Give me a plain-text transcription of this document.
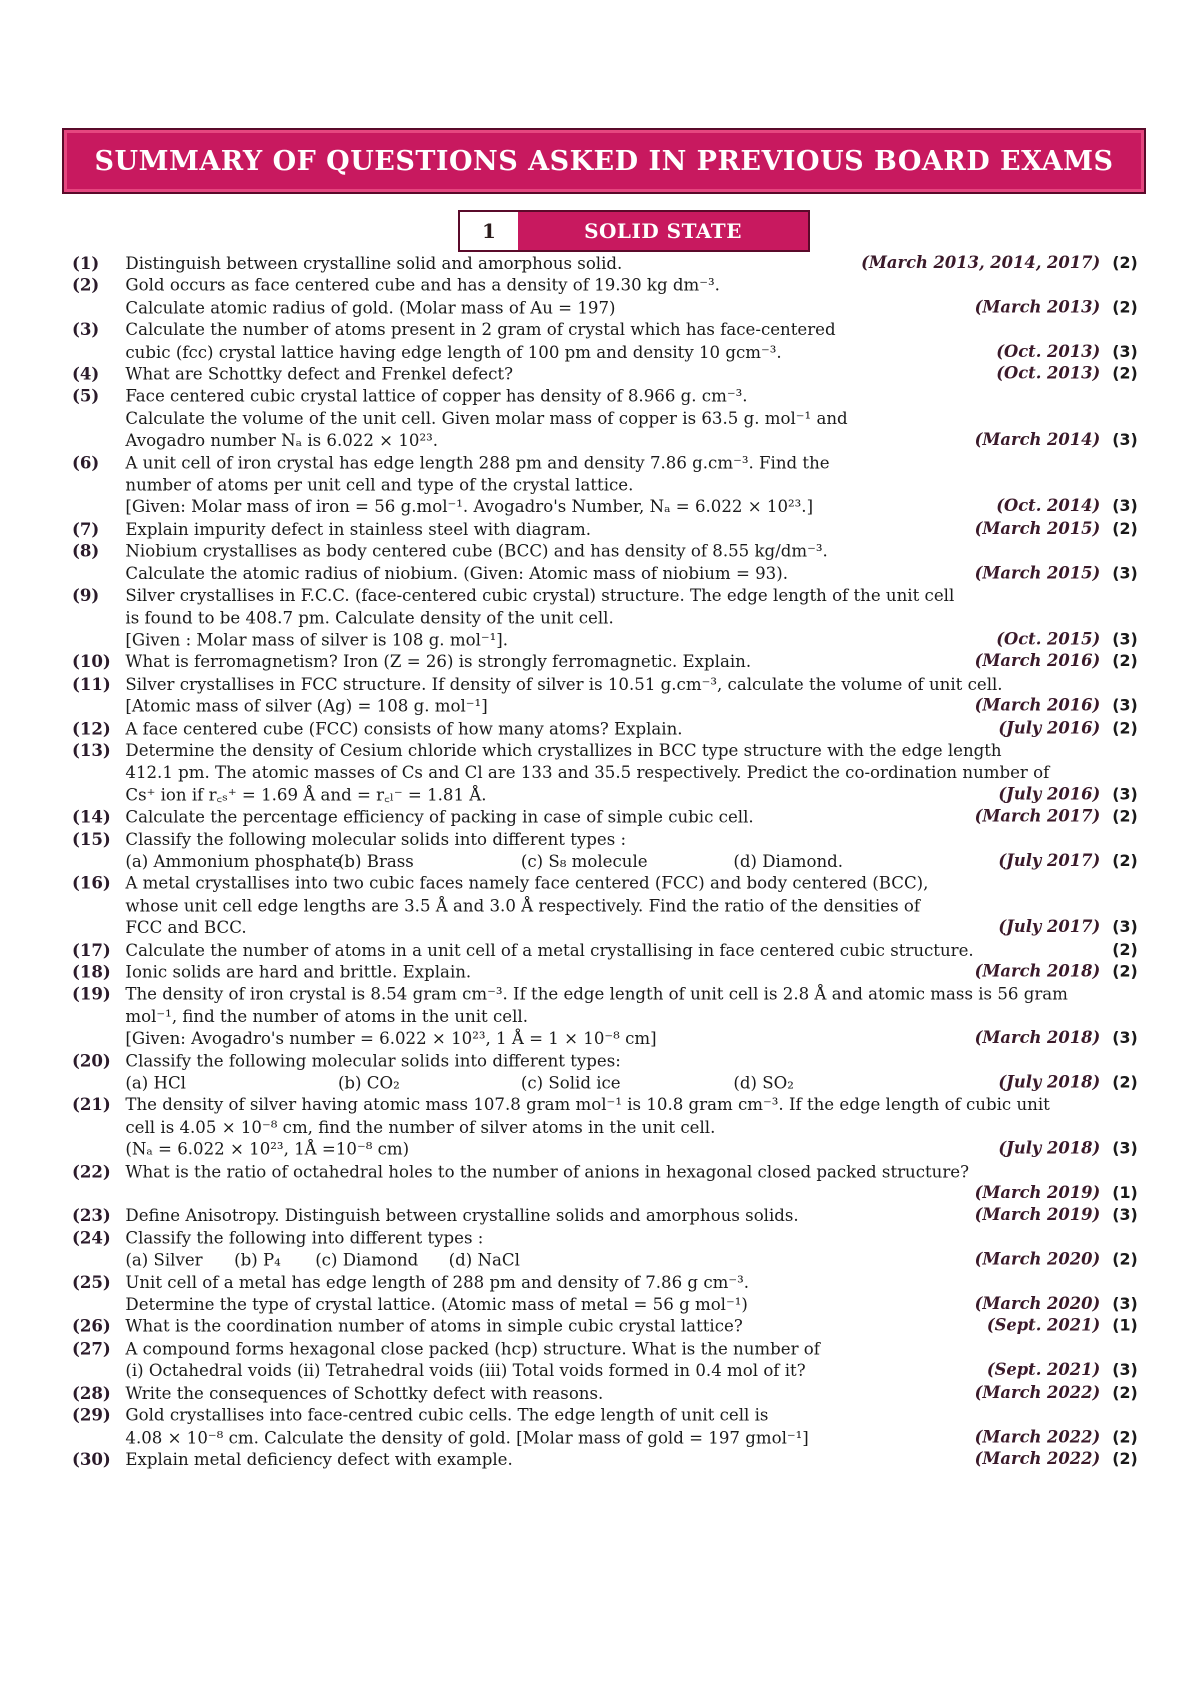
SUMMARY OF QUESTIONS ASKED IN PREVIOUS BOARD EXAMS
1	SOLID STATE
(1)	Distinguish between crystalline solid and amorphous solid.	(March 2013, 2014, 2017) (2)
(2)	Gold occurs as face centered cube and has a density of 19.30 kg dm⁻³.
Calculate atomic radius of gold. (Molar mass of Au = 197)	(March 2013) (2)
(3)	Calculate the number of atoms present in 2 gram of crystal which has face-centered
cubic (fcc) crystal lattice having edge length of 100 pm and density 10 gcm⁻³.	(Oct. 2013) (3)
(4)	What are Schottky defect and Frenkel defect?	(Oct. 2013) (2)
(5)	Face centered cubic crystal lattice of copper has density of 8.966 g. cm⁻³.
Calculate the volume of the unit cell. Given molar mass of copper is 63.5 g. mol⁻¹ and
Avogadro number Nₐ is 6.022 × 10²³.	(March 2014) (3)
(6)	A unit cell of iron crystal has edge length 288 pm and density 7.86 g.cm⁻³. Find the
number of atoms per unit cell and type of the crystal lattice.
[Given: Molar mass of iron = 56 g.mol⁻¹. Avogadro's Number, Nₐ = 6.022 × 10²³.]	(Oct. 2014) (3)
(7)	Explain impurity defect in stainless steel with diagram.	(March 2015) (2)
(8)	Niobium crystallises as body centered cube (BCC) and has density of 8.55 kg/dm⁻³.
Calculate the atomic radius of niobium. (Given: Atomic mass of niobium = 93).	(March 2015) (3)
(9)	Silver crystallises in F.C.C. (face-centered cubic crystal) structure. The edge length of the unit cell
is found to be 408.7 pm. Calculate density of the unit cell.
[Given : Molar mass of silver is 108 g. mol⁻¹].	(Oct. 2015) (3)
(10) What is ferromagnetism? Iron (Z = 26) is strongly ferromagnetic. Explain.	(March 2016) (2)
(11) Silver crystallises in FCC structure. If density of silver is 10.51 g.cm⁻³, calculate the volume of unit cell.
[Atomic mass of silver (Ag) = 108 g. mol⁻¹]	(March 2016) (3)
(12) A face centered cube (FCC) consists of how many atoms? Explain.	(July 2016) (2)
(13) Determine the density of Cesium chloride which crystallizes in BCC type structure with the edge length
412.1 pm. The atomic masses of Cs and Cl are 133 and 35.5 respectively. Predict the co-ordination number of
Cs⁺ ion if r꜀ₛ⁺ = 1.69 Å and = r꜀ₗ⁻ = 1.81 Å.	(July 2016) (3)
(14) Calculate the percentage efficiency of packing in case of simple cubic cell.	(March 2017) (2)
(15) Classify the following molecular solids into different types :
(a) Ammonium phosphate
(b) Brass	(c) S₈ molecule	(d) Diamond.	(July 2017) (2)
(16) A metal crystallises into two cubic faces namely face centered (FCC) and body centered (BCC),
whose unit cell edge lengths are 3.5 Å and 3.0 Å respectively. Find the ratio of the densities of
FCC and BCC.	(July 2017) (3)
(17) Calculate the number of atoms in a unit cell of a metal crystallising in face centered cubic structure.	(2)
(18) Ionic solids are hard and brittle. Explain.	(March 2018) (2)
(19) The density of iron crystal is 8.54 gram cm⁻³. If the edge length of unit cell is 2.8 Å and atomic mass is 56 gram
mol⁻¹, find the number of atoms in the unit cell.
[Given: Avogadro's number = 6.022 × 10²³, 1 Å = 1 × 10⁻⁸ cm]	(March 2018) (3)
(20) Classify the following molecular solids into different types:
(a) HCl	(b) CO₂	(c) Solid ice	(d) SO₂	(July 2018) (2)
(21) The density of silver having atomic mass 107.8 gram mol⁻¹ is 10.8 gram cm⁻³. If the edge length of cubic unit
cell is 4.05 × 10⁻⁸ cm, find the number of silver atoms in the unit cell.
(Nₐ = 6.022 × 10²³, 1Å =10⁻⁸ cm)	(July 2018) (3)
(22) What is the ratio of octahedral holes to the number of anions in hexagonal closed packed structure?
(March 2019) (1)
(23) Define Anisotropy. Distinguish between crystalline solids and amorphous solids.	(March 2019) (3)
(24) Classify the following into different types :
(a) Silver	(b) P₄	(c) Diamond	(d) NaCl	(March 2020) (2)
(25) Unit cell of a metal has edge length of 288 pm and density of 7.86 g cm⁻³.
Determine the type of crystal lattice. (Atomic mass of metal = 56 g mol⁻¹)	(March 2020) (3)
(26) What is the coordination number of atoms in simple cubic crystal lattice?	(Sept. 2021) (1)
(27) A compound forms hexagonal close packed (hcp) structure. What is the number of
(i) Octahedral voids (ii) Tetrahedral voids (iii) Total voids formed in 0.4 mol of it?	(Sept. 2021) (3)
(28) Write the consequences of Schottky defect with reasons.	(March 2022) (2)
(29) Gold crystallises into face-centred cubic cells. The edge length of unit cell is
4.08 × 10⁻⁸ cm. Calculate the density of gold. [Molar mass of gold = 197 gmol⁻¹]	(March 2022) (2)
(30) Explain metal deficiency defect with example.	(March 2022) (2)
